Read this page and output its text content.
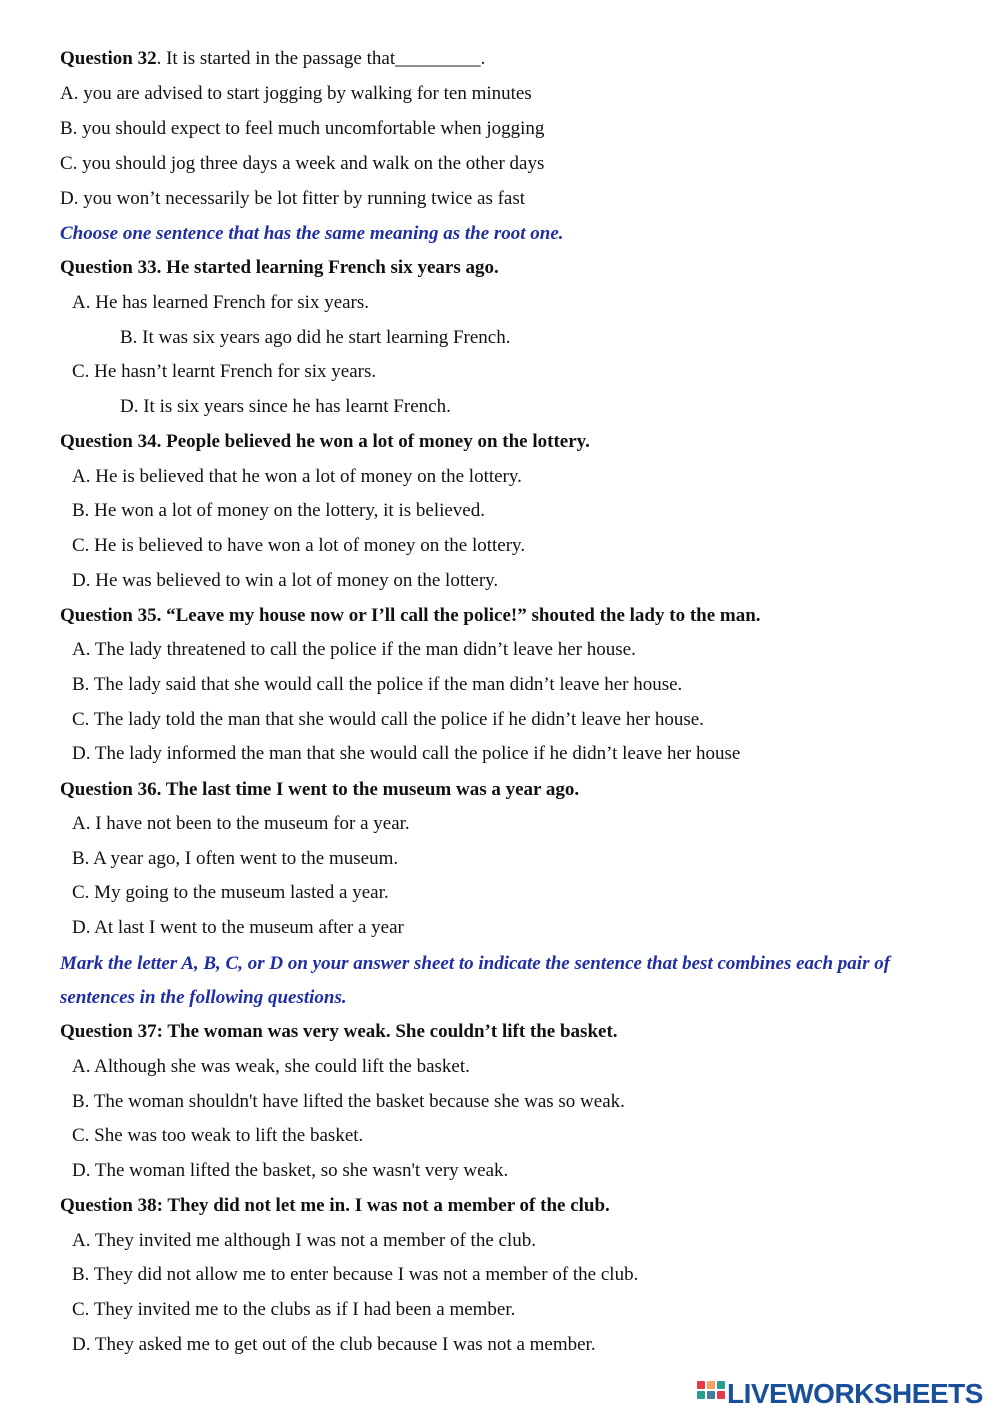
Question 32. It is started in the passage that_________.
A. you are advised to start jogging by walking for ten minutes
B. you should expect to feel much uncomfortable when jogging
C. you should jog three days a week and walk on the other days
D. you won’t necessarily be lot fitter by running twice as fast
Choose one sentence that has the same meaning as the root one.
Question 33. He started learning French six years ago.
A. He has learned French for six years.
B. It was six years ago did he start learning French.
C. He hasn’t learnt French for six years.
D. It is six years since he has learnt French.
Question 34. People believed he won a lot of money on the lottery.
A. He is believed that he won a lot of money on the lottery.
B. He won a lot of money on the lottery, it is believed.
C. He is believed to have won a lot of money on the lottery.
D. He was believed to win a lot of money on the lottery.
Question 35. “Leave my house now or I’ll call the police!” shouted the lady to the man.
A. The lady threatened to call the police if the man didn’t leave her house.
B. The lady said that she would call the police if the man didn’t leave her house.
C. The lady told the man that she would call the police if he didn’t leave her house.
D. The lady informed the man that she would call the police if he didn’t leave her house
Question 36. The last time I went to the museum was a year ago.
A. I have not been to the museum for a year.
B. A year ago, I often went to the museum.
C. My going to the museum lasted a year.
D. At last I went to the museum after a year
Mark the letter A, B, C, or D on your answer sheet to indicate the sentence that best combines each pair of
sentences in the following questions.
Question 37: The woman was very weak. She couldn’t lift the basket.
A. Although she was weak, she could lift the basket.
B. The woman shouldn't have lifted the basket because she was so weak.
C. She was too weak to lift the basket.
D. The woman lifted the basket, so she wasn't very weak.
Question 38: They did not let me in. I was not a member of the club.
A. They invited me although I was not a member of the club.
B. They did not allow me to enter because I was not a member of the club.
C. They invited me to the clubs as if I had been a member.
D. They asked me to get out of the club because I was not a member.
LIVEWORKSHEETS
